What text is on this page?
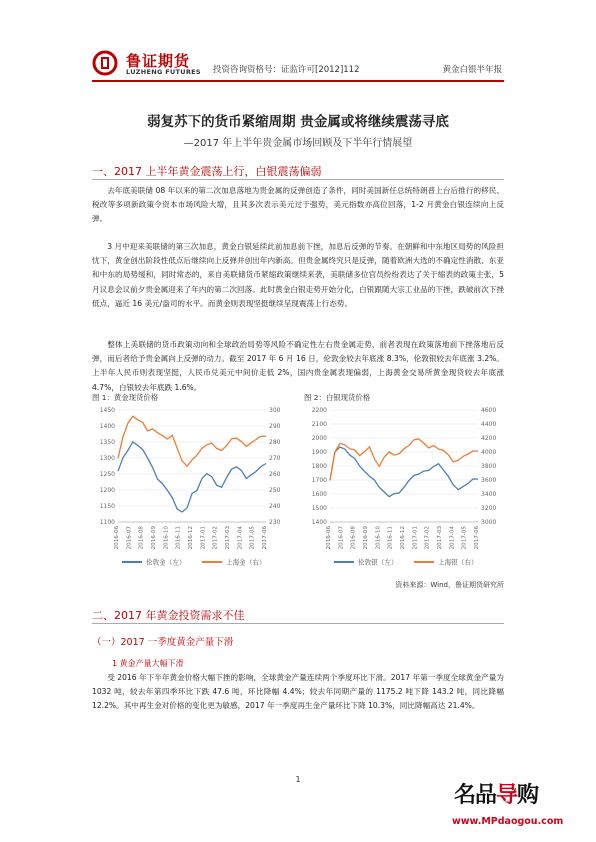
鲁证期货
LUZHENG FUTURES 投资咨询资格号：证监许可[2012]112	黄金白银半年报
弱复苏下的货币紧缩周期 贵金属或将继续震荡寻底
—2017 年上半年贵金属市场回顾及下半年行情展望
一、2017 上半年黄金震荡上行，白银震荡偏弱

去年底美联储 08 年以来的第二次加息落地为贵金属的反弹创造了条件，同时美国新任总统特朗普上台后推行的移民、税改等多项新政策令资本市场风险大增，且其多次表示美元过于强势，美元指数亦高位回落，1-2 月黄金白银连续向上反弹。

3 月中迎来美联储的第三次加息，黄金白银延续此前加息前下挫，加息后反弹的节奏。在朝鲜和中东地区局势的风险担忧下，黄金创出阶段性低点后继续向上反弹并创出年内新高。但贵金属终究只是反弹，随着欧洲大选的不确定性消散、东亚和中东的局势缓和，同时常态的，来自美联储货币紧缩政策继续来袭，美联储多位官员纷纷表达了关于缩表的政策主张，5 月议息会议前夕贵金属迎来了年内的第二次回落。此时黄金白银走势开始分化，白银跟随大宗工业品的下挫，跌破前次下挫低点，逼近 16 美元/盎司的水平。而黄金则表现坚挺继续呈现震荡上行态势。

整体上美联储的货币政策动向和全球政治局势等风险不确定性左右贵金属走势，前者表现在政策落地前下挫落地后反弹，而后者给予贵金属向上反弹的动力。截至 2017 年 6 月 16 日，伦敦金较去年底涨 8.3%，伦敦银较去年底涨 3.2%。上半年人民币则表现坚挺，人民币兑美元中间价走低 2%，国内贵金属表现偏弱，上海黄金交易所黄金现货较去年底涨 4.7%，白银较去年底跌 1.6%。

图 1：黄金现货价格	图 2：白银现货价格
1100
1150
1200
1250
1300
1350
1400
1450
230
240
250
260
270
280
290
300
2016-06 2016-07 2016-08 2016-09 2016-10 2016-11 2016-12 2017-01 2017-02 2017-03 2017-04 2017-05 2017-06
伦敦金（左）	上海金（右）
1400
1500
1600
1700
1800
1900
2000
2100
2200
3000
3200
3400
3600
3800
4000
4200
4400
4600
2016-06 2016-07 2016-08 2016-09 2016-10 2016-11 2016-12 2017-01 2017-02 2017-03 2017-04 2017-05 2017-06
伦敦银（左）	上海银（右）
资料来源：Wind，鲁证期货研究所
二、2017 年黄金投资需求不佳
（一）2017 一季度黄金产量下滑
1 黄金产量大幅下滑

受 2016 年下半年黄金价格大幅下挫的影响，全球黄金产量连续两个季度环比下滑。2017 年第一季度全球黄金产量为 1032 吨，较去年第四季环比下跌 47.6 吨，环比降幅 4.4%；较去年同期产量的 1175.2 吨下降 143.2 吨，同比降幅 12.2%。其中再生金对价格的变化更为敏感，2017 年一季度再生金产量环比下降 10.3%，同比降幅高达 21.4%。

1
名品导购
www.MPdaogou.com
